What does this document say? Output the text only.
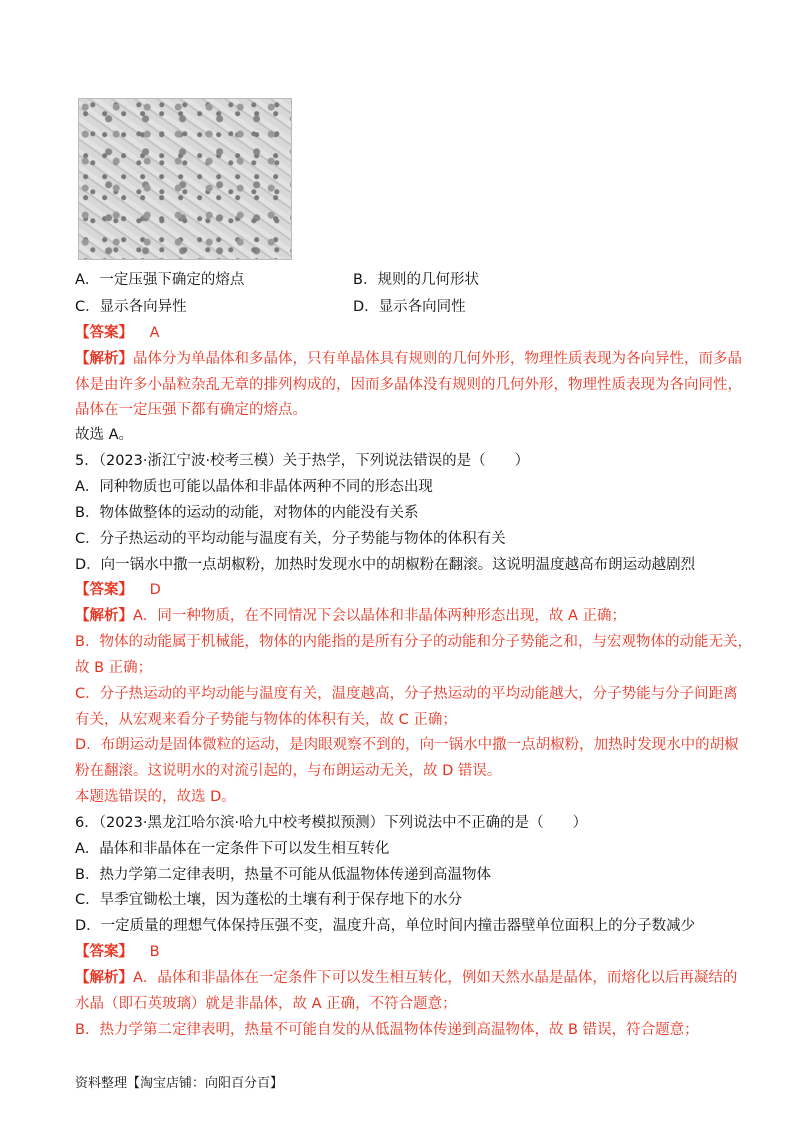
A．一定压强下确定的熔点	B．规则的几何形状
C．显示各向异性	D．显示各向同性
【答案】 A
【解析】晶体分为单晶体和多晶体，只有单晶体具有规则的几何外形，物理性质表现为各向异性，而多晶
体是由许多小晶粒杂乱无章的排列构成的，因而多晶体没有规则的几何外形，物理性质表现为各向同性，
晶体在一定压强下都有确定的熔点。
故选 A。
5．（2023·浙江宁波·校考三模）关于热学，下列说法错误的是（　　）
A．同种物质也可能以晶体和非晶体两种不同的形态出现
B．物体做整体的运动的动能，对物体的内能没有关系
C．分子热运动的平均动能与温度有关，分子势能与物体的体积有关
D．向一锅水中撒一点胡椒粉，加热时发现水中的胡椒粉在翻滚。这说明温度越高布朗运动越剧烈
【答案】 D
【解析】A．同一种物质，在不同情况下会以晶体和非晶体两种形态出现，故 A 正确；
B．物体的动能属于机械能，物体的内能指的是所有分子的动能和分子势能之和，与宏观物体的动能无关，
故 B 正确；
C．分子热运动的平均动能与温度有关，温度越高，分子热运动的平均动能越大，分子势能与分子间距离
有关，从宏观来看分子势能与物体的体积有关，故 C 正确；
D．布朗运动是固体微粒的运动，是肉眼观察不到的，向一锅水中撒一点胡椒粉，加热时发现水中的胡椒
粉在翻滚。这说明水的对流引起的，与布朗运动无关，故 D 错误。
本题选错误的，故选 D。
6．（2023·黑龙江哈尔滨·哈九中校考模拟预测）下列说法中不正确的是（　　）
A．晶体和非晶体在一定条件下可以发生相互转化
B．热力学第二定律表明，热量不可能从低温物体传递到高温物体
C．旱季宜锄松土壤，因为蓬松的土壤有利于保存地下的水分
D．一定质量的理想气体保持压强不变，温度升高，单位时间内撞击器壁单位面积上的分子数减少
【答案】 B
【解析】A．晶体和非晶体在一定条件下可以发生相互转化，例如天然水晶是晶体，而熔化以后再凝结的
水晶（即石英玻璃）就是非晶体，故 A 正确，不符合题意；
B．热力学第二定律表明，热量不可能自发的从低温物体传递到高温物体，故 B 错误，符合题意；
资料整理【淘宝店铺：向阳百分百】
